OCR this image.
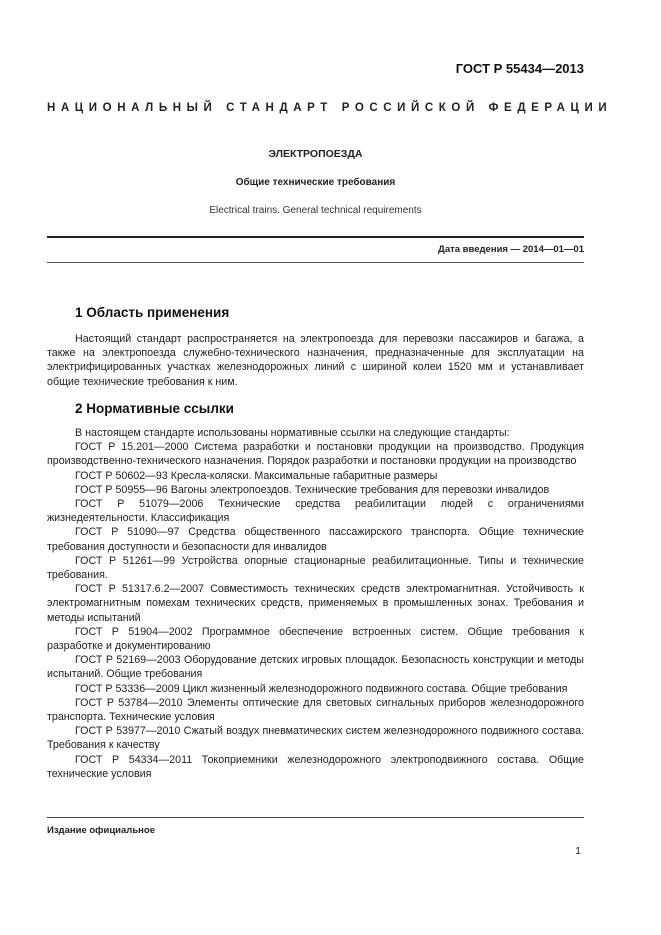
ГОСТ Р 55434—2013
НАЦИОНАЛЬНЫЙ СТАНДАРТ РОССИЙСКОЙ ФЕДЕРАЦИИ
ЭЛЕКТРОПОЕЗДА
Общие технические требования
Electrical trains. General technical requirements
Дата введения — 2014—01—01
1 Область применения

Настоящий стандарт распространяется на электропоезда для перевозки пассажиров и багажа, а также на электропоезда служебно-технического назначения, предназначенные для эксплуатации на электрифицированных участках железнодорожных линий с шириной колеи 1520 мм и устанавливает общие технические требования к ним.

2 Нормативные ссылки

В настоящем стандарте использованы нормативные ссылки на следующие стандарты:

ГОСТ Р 15.201—2000 Система разработки и постановки продукции на производство. Продукция производственно-технического назначения. Порядок разработки и постановки продукции на производство

ГОСТ Р 50602—93 Кресла-коляски. Максимальные габаритные размеры

ГОСТ Р 50955—96 Вагоны электропоездов. Технические требования для перевозки инвалидов

ГОСТ Р 51079—2006 Технические средства реабилитации людей с ограничениями жизнедеятельности. Классификация

ГОСТ Р 51090—97 Средства общественного пассажирского транспорта. Общие технические требования доступности и безопасности для инвалидов

ГОСТ Р 51261—99 Устройства опорные стационарные реабилитационные. Типы и технические требования.

ГОСТ Р 51317.6.2—2007 Совместимость технических средств электромагнитная. Устойчивость к электромагнитным помехам технических средств, применяемых в промышленных зонах. Требования и методы испытаний

ГОСТ Р 51904—2002 Программное обеспечение встроенных систем. Общие требования к разработке и документированию

ГОСТ Р 52169—2003 Оборудование детских игровых площадок. Безопасность конструкции и методы испытаний. Общие требования

ГОСТ Р 53336—2009 Цикл жизненный железнодорожного подвижного состава. Общие требования

ГОСТ Р 53784—2010 Элементы оптические для световых сигнальных приборов железнодорожного транспорта. Технические условия

ГОСТ Р 53977—2010 Сжатый воздух пневматических систем железнодорожного подвижного состава. Требования к качеству

ГОСТ Р 54334—2011 Токоприемники железнодорожного электроподвижного состава. Общие технические условия

Издание официальное
1
